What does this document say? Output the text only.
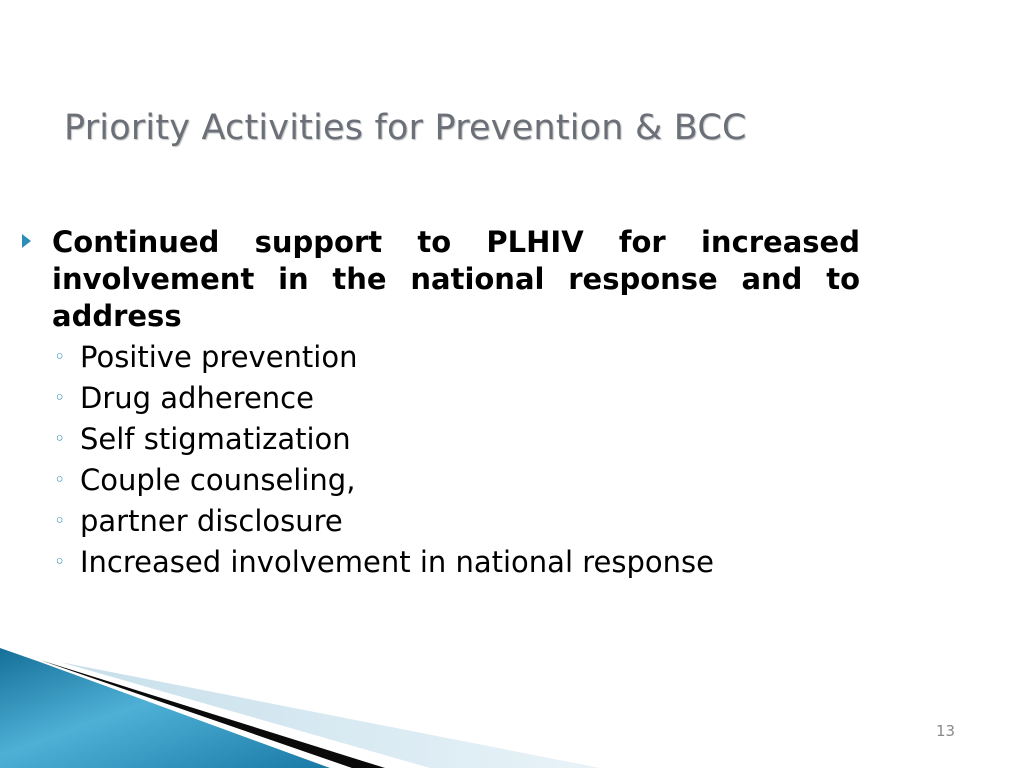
Priority Activities for Prevention & BCC

Continued support to PLHIV for increased involvement in the national response and to address

◦ Positive prevention
◦ Drug adherence
◦ Self stigmatization
◦ Couple counseling,
◦ partner disclosure
◦ Increased involvement in national response
13
